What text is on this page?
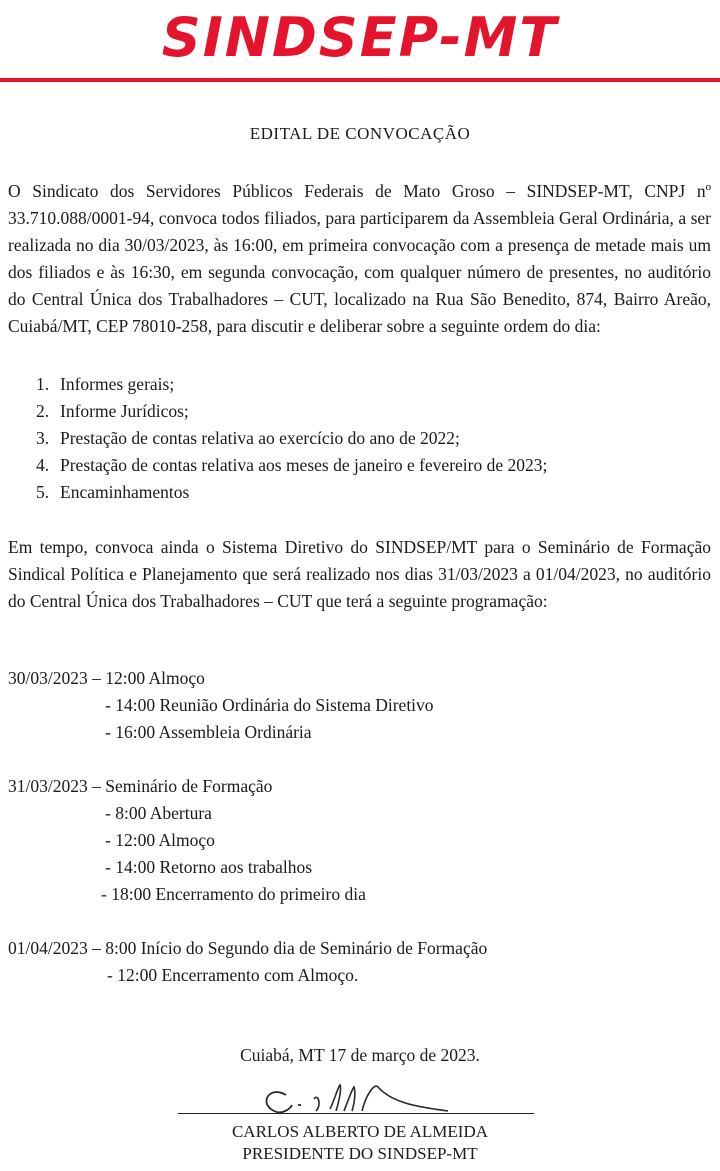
SINDSEP-MT
EDITAL DE CONVOCAÇÃO

O Sindicato dos Servidores Públicos Federais de Mato Groso – SINDSEP-MT, CNPJ nº 33.710.088/0001-94, convoca todos filiados, para participarem da Assembleia Geral Ordinária, a ser realizada no dia 30/03/2023, às 16:00, em primeira convocação com a presença de metade mais um dos filiados e às 16:30, em segunda convocação, com qualquer número de presentes, no auditório do Central Única dos Trabalhadores – CUT, localizado na Rua São Benedito, 874, Bairro Areão, Cuiabá/MT, CEP 78010-258, para discutir e deliberar sobre a seguinte ordem do dia:

1. Informes gerais;
2. Informe Jurídicos;
3. Prestação de contas relativa ao exercício do ano de 2022;
4. Prestação de contas relativa aos meses de janeiro e fevereiro de 2023;
5. Encaminhamentos

Em tempo, convoca ainda o Sistema Diretivo do SINDSEP/MT para o Seminário de Formação Sindical Política e Planejamento que será realizado nos dias 31/03/2023 a 01/04/2023, no auditório do Central Única dos Trabalhadores – CUT que terá a seguinte programação:

30/03/2023 – 12:00 Almoço
- 14:00 Reunião Ordinária do Sistema Diretivo
- 16:00 Assembleia Ordinária
31/03/2023 – Seminário de Formação
- 8:00 Abertura
- 12:00 Almoço
- 14:00 Retorno aos trabalhos
- 18:00 Encerramento do primeiro dia
01/04/2023 – 8:00 Início do Segundo dia de Seminário de Formação
- 12:00 Encerramento com Almoço.
Cuiabá, MT 17 de março de 2023.
CARLOS ALBERTO DE ALMEIDA
PRESIDENTE DO SINDSEP-MT
